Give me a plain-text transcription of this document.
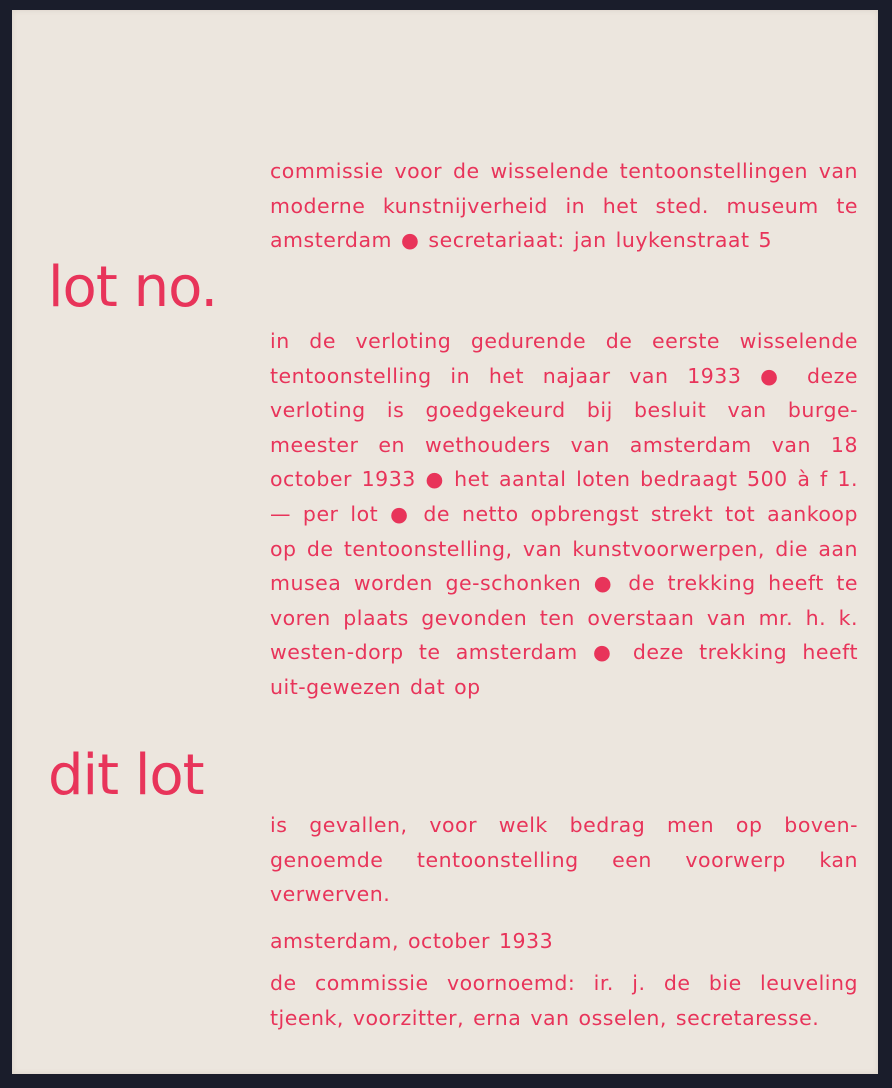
commissie voor de wisselende tentoonstellingen van moderne kunstnijverheid in het sted. museum te amsterdam ● secretariaat: jan luykenstraat 5

lot no.

in de verloting gedurende de eerste wisselende tentoonstelling in het najaar van 1933 ● deze verloting is goedgekeurd bij besluit van burge-meester en wethouders van amsterdam van 18 october 1933 ● het aantal loten bedraagt 500 à f 1.— per lot ● de netto opbrengst strekt tot aankoop op de tentoonstelling, van kunstvoorwerpen, die aan musea worden ge-schonken ● de trekking heeft te voren plaats gevonden ten overstaan van mr. h. k. westen-dorp te amsterdam ● deze trekking heeft uit-gewezen dat op

dit lot

is gevallen, voor welk bedrag men op boven-genoemde tentoonstelling een voorwerp kan verwerven.

amsterdam, october 1933

de commissie voornoemd: ir. j. de bie leuveling tjeenk, voorzitter, erna van osselen, secretaresse.
